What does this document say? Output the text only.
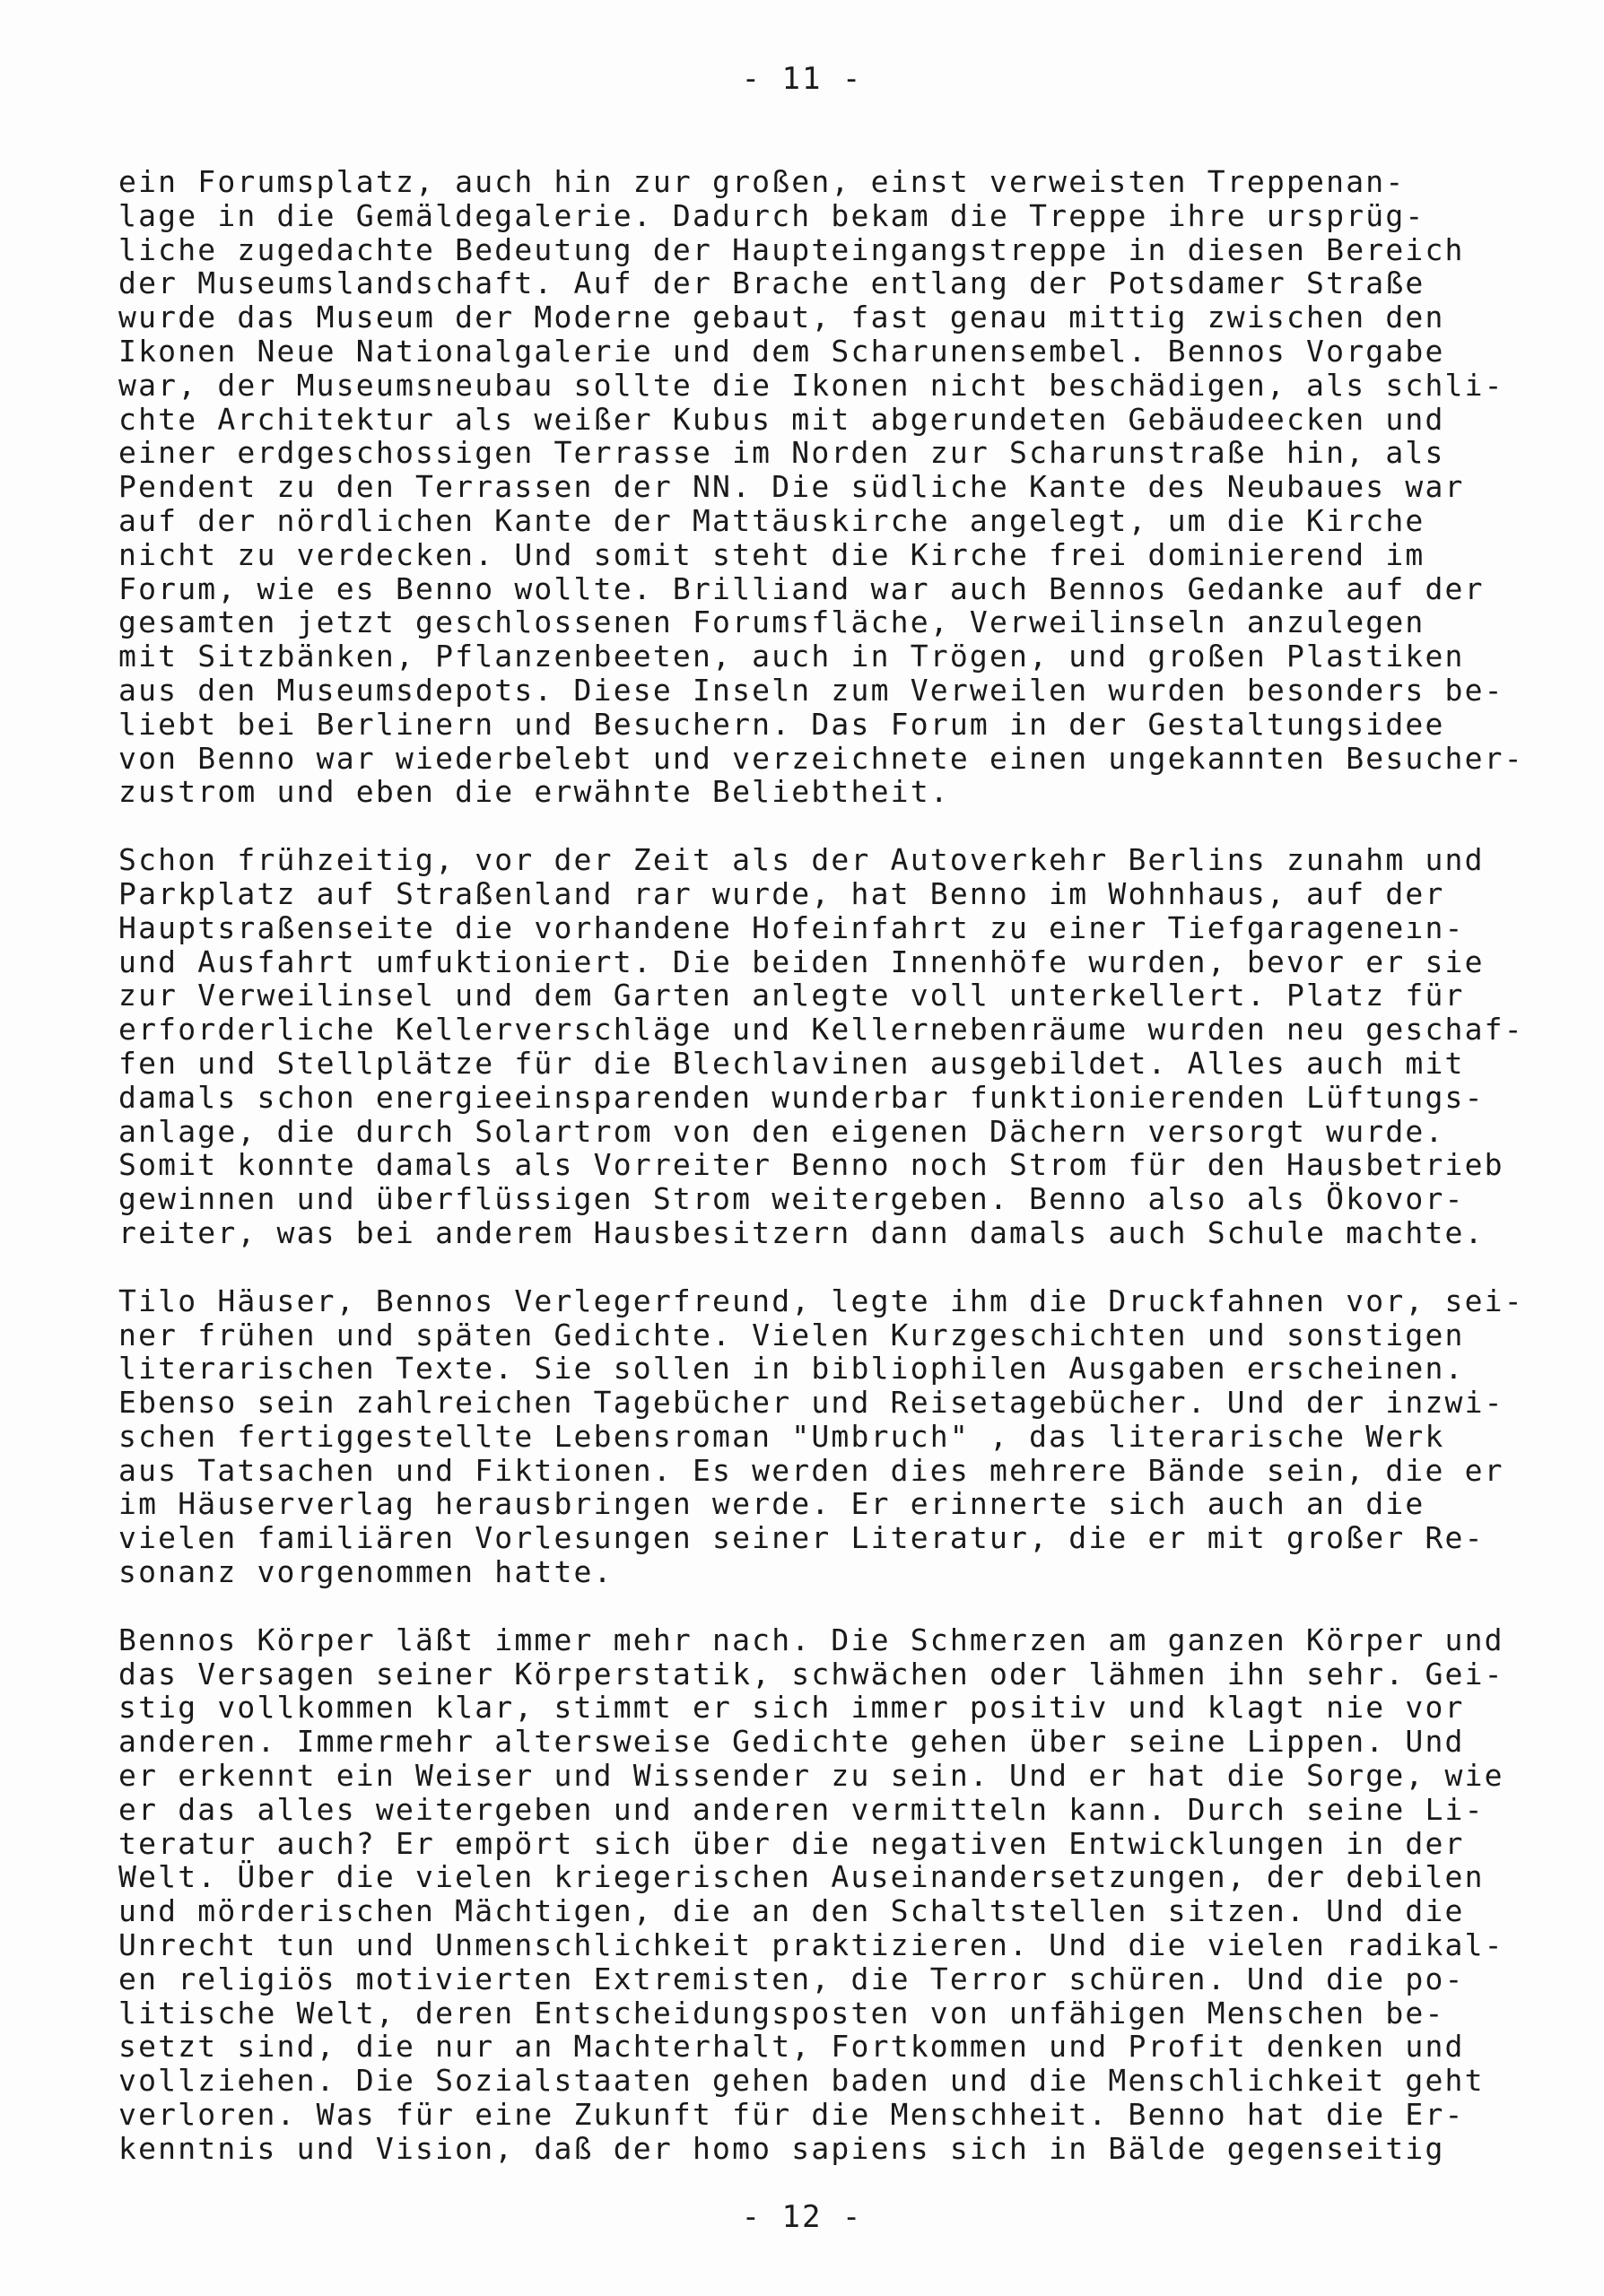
- 11 -

ein Forumsplatz, auch hin zur großen, einst verweisten Treppenan-
lage in die Gemäldegalerie. Dadurch bekam die Treppe ihre ursprüg-
liche zugedachte Bedeutung der Haupteingangstreppe in diesen Bereich
der Museumslandschaft. Auf der Brache entlang der Potsdamer Straße
wurde das Museum der Moderne gebaut, fast genau mittig zwischen den
Ikonen Neue Nationalgalerie und dem Scharunensembel. Bennos Vorgabe
war, der Museumsneubau sollte die Ikonen nicht beschädigen, als schli-
chte Architektur als weißer Kubus mit abgerundeten Gebäudeecken und
einer erdgeschossigen Terrasse im Norden zur Scharunstraße hin, als
Pendent zu den Terrassen der NN. Die südliche Kante des Neubaues war
auf der nördlichen Kante der Mattäuskirche angelegt, um die Kirche
nicht zu verdecken. Und somit steht die Kirche frei dominierend im
Forum, wie es Benno wollte. Brilliand war auch Bennos Gedanke auf der
gesamten jetzt geschlossenen Forumsfläche, Verweilinseln anzulegen
mit Sitzbänken, Pflanzenbeeten, auch in Trögen, und großen Plastiken
aus den Museumsdepots. Diese Inseln zum Verweilen wurden besonders be-
liebt bei Berlinern und Besuchern. Das Forum in der Gestaltungsidee
von Benno war wiederbelebt und verzeichnete einen ungekannten Besucher-
zustrom und eben die erwähnte Beliebtheit.
Schon frühzeitig, vor der Zeit als der Autoverkehr Berlins zunahm und
Parkplatz auf Straßenland rar wurde, hat Benno im Wohnhaus, auf der
Hauptsraßenseite die vorhandene Hofeinfahrt zu einer Tiefgarageneın-
und Ausfahrt umfuktioniert. Die beiden Innenhöfe wurden, bevor er sie
zur Verweilinsel und dem Garten anlegte voll unterkellert. Platz für
erforderliche Kellerverschläge und Kellernebenräume wurden neu geschaf-
fen und Stellplätze für die Blechlavinen ausgebildet. Alles auch mit
damals schon energieeinsparenden wunderbar funktionierenden Lüftungs-
anlage, die durch Solartrom von den eigenen Dächern versorgt wurde.
Somit konnte damals als Vorreiter Benno noch Strom für den Hausbetrieb
gewinnen und überflüssigen Strom weitergeben. Benno also als Ökovor-
reiter, was bei anderem Hausbesitzern dann damals auch Schule machte.
Tilo Häuser, Bennos Verlegerfreund, legte ihm die Druckfahnen vor, sei-
ner frühen und späten Gedichte. Vielen Kurzgeschichten und sonstigen
literarischen Texte. Sie sollen in bibliophilen Ausgaben erscheinen.
Ebenso sein zahlreichen Tagebücher und Reisetagebücher. Und der inzwi-
schen fertiggestellte Lebensroman "Umbruch" , das literarische Werk
aus Tatsachen und Fiktionen. Es werden dies mehrere Bände sein, die er
im Häuserverlag herausbringen werde. Er erinnerte sich auch an die
vielen familiären Vorlesungen seiner Literatur, die er mit großer Re-
sonanz vorgenommen hatte.
Bennos Körper läßt immer mehr nach. Die Schmerzen am ganzen Körper und
das Versagen seiner Körperstatik, schwächen oder lähmen ihn sehr. Gei-
stig vollkommen klar, stimmt er sich immer positiv und klagt nie vor
anderen. Immermehr altersweise Gedichte gehen über seine Lippen. Und
er erkennt ein Weiser und Wissender zu sein. Und er hat die Sorge, wie
er das alles weitergeben und anderen vermitteln kann. Durch seine Li-
teratur auch? Er empört sich über die negativen Entwicklungen in der
Welt. Über die vielen kriegerischen Auseinandersetzungen, der debilen
und mörderischen Mächtigen, die an den Schaltstellen sitzen. Und die
Unrecht tun und Unmenschlichkeit praktizieren. Und die vielen radikal-
en religiös motivierten Extremisten, die Terror schüren. Und die po-
litische Welt, deren Entscheidungsposten von unfähigen Menschen be-
setzt sind, die nur an Machterhalt, Fortkommen und Profit denken und
vollziehen. Die Sozialstaaten gehen baden und die Menschlichkeit geht
verloren. Was für eine Zukunft für die Menschheit. Benno hat die Er-
kenntnis und Vision, daß der homo sapiens sich in Bälde gegenseitig

- 12 -
